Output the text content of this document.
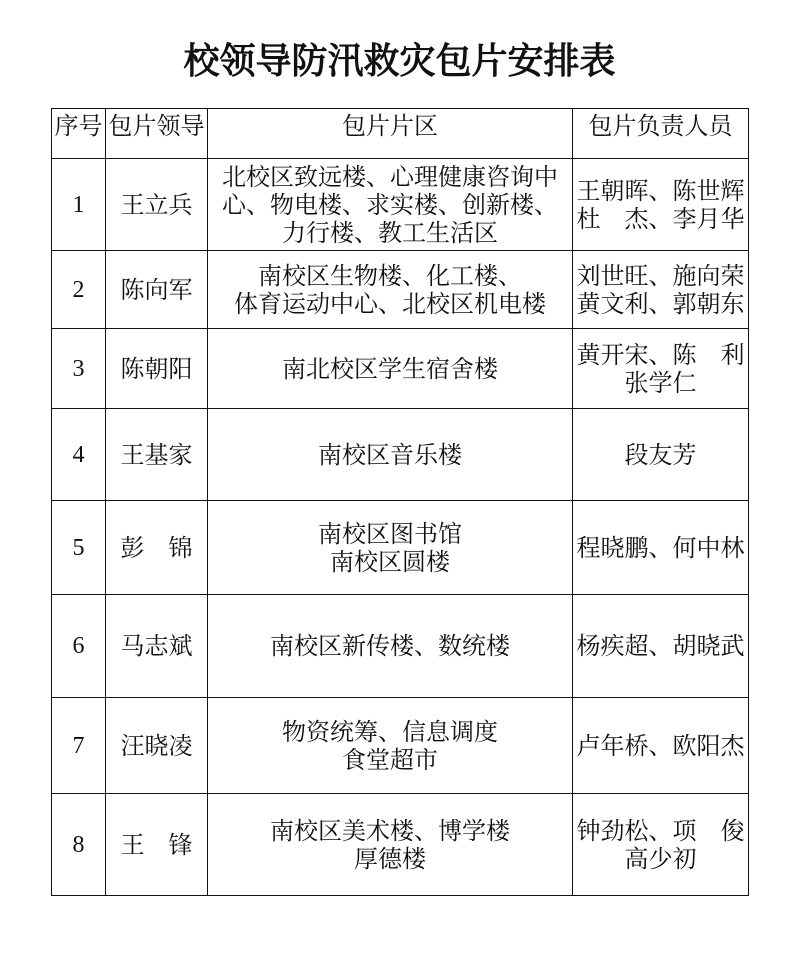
校领导防汛救灾包片安排表
序号	包片领导	包片片区	包片负责人员
1	王立兵	北校区致远楼、心理健康咨询中
心、物电楼、求实楼、创新楼、
力行楼、教工生活区	王朝晖、陈世辉
杜　杰、李月华

2	陈向军	南校区生物楼、化工楼、
体育运动中心、北校区机电楼	刘世旺、施向荣
黄文利、郭朝东

3	陈朝阳	南北校区学生宿舍楼	黄开宋、陈　利
张学仁

4	王基家	南校区音乐楼	段友芳

5	彭　锦	南校区图书馆
南校区圆楼	程晓鹏、何中林

6	马志斌	南校区新传楼、数统楼	杨疾超、胡晓武

7	汪晓凌	物资统筹、信息调度
食堂超市	卢年桥、欧阳杰

8	王　锋	南校区美术楼、博学楼
厚德楼	钟劲松、项　俊
高少初
